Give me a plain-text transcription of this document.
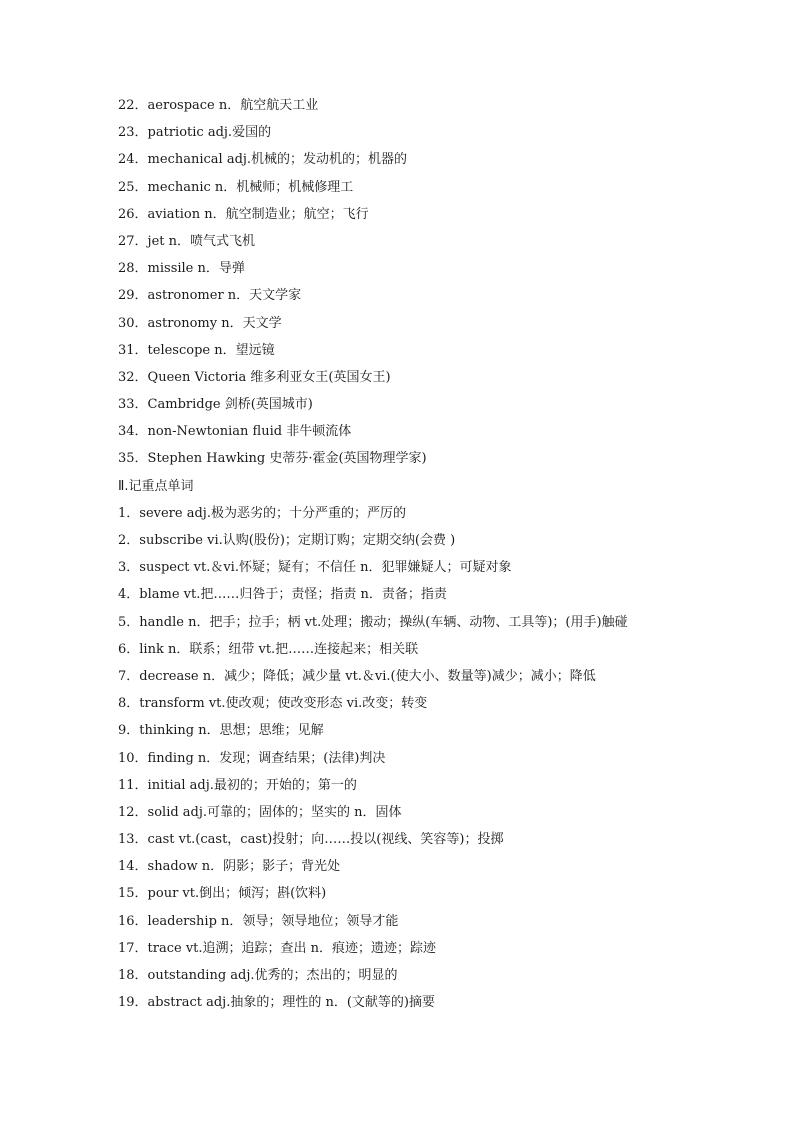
22．aerospace n．航空航天工业
23．patriotic adj.爱国的
24．mechanical adj.机械的；发动机的；机器的
25．mechanic n．机械师；机械修理工
26．aviation n．航空制造业；航空；飞行
27．jet n．喷气式飞机
28．missile n．导弹
29．astronomer n．天文学家
30．astronomy n．天文学
31．telescope n．望远镜
32．Queen Victoria 维多利亚女王(英国女王)
33．Cambridge 剑桥(英国城市)
34．non-Newtonian fluid 非牛顿流体
35．Stephen Hawking 史蒂芬·霍金(英国物理学家)
Ⅱ.记重点单词
1．severe adj.极为恶劣的；十分严重的；严厉的
2．subscribe vi.认购(股份)；定期订购；定期交纳(会费 )
3．suspect vt.＆vi.怀疑；疑有；不信任 n．犯罪嫌疑人；可疑对象
4．blame vt.把……归咎于；责怪；指责 n．责备；指责
5．handle n．把手；拉手；柄 vt.处理；搬动；操纵(车辆、动物、工具等)；(用手)触碰
6．link n．联系；纽带 vt.把……连接起来；相关联
7．decrease n．减少；降低；减少量 vt.＆vi.(使大小、数量等)减少；减小；降低
8．transform vt.使改观；使改变形态 vi.改变；转变
9．thinking n．思想；思维；见解
10．finding n．发现；调查结果；(法律)判决
11．initial adj.最初的；开始的；第一的
12．solid adj.可靠的；固体的；坚实的 n．固体
13．cast vt.(cast，cast)投射；向……投以(视线、笑容等)；投掷
14．shadow n．阴影；影子；背光处
15．pour vt.倒出；倾泻；斟(饮料)
16．leadership n．领导；领导地位；领导才能
17．trace vt.追溯；追踪；查出 n．痕迹；遗迹；踪迹
18．outstanding adj.优秀的；杰出的；明显的
19．abstract adj.抽象的；理性的 n．(文献等的)摘要
